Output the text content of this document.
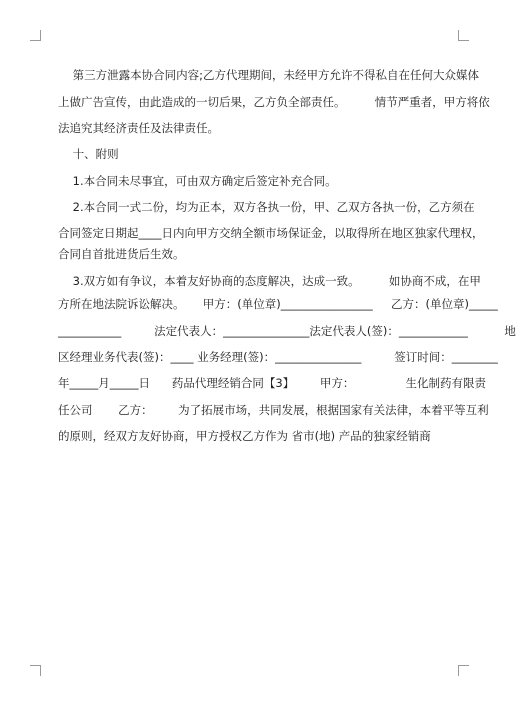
第三方泄露本协合同内容;乙方代理期间，未经甲方允许不得私自在任何大众媒体
上做广告宣传，由此造成的一切后果，乙方负全部责任。        情节严重者，甲方将依
法追究其经济责任及法律责任。
十、附则
1.本合同未尽事宜，可由双方确定后签定补充合同。
2.本合同一式二份，均为正本，双方各执一份，甲、乙双方各执一份，乙方须在
合同签定日期起____日内向甲方交纳全额市场保证金，以取得所在地区独家代理权，
合同自首批进货后生效。
3.双方如有争议，本着友好协商的态度解决，达成一致。        如协商不成，在甲
方所在地法院诉讼解决。     甲方：(单位章)________________     乙方：(单位章)_____
___________         法定代表人：_______________法定代表人(签)：____________          地
区经理业务代表(签)：____ 业务经理(签)：_______________         签订时间：________
年_____月_____日      药品代理经销合同【3】       甲方：              生化制药有限责
任公司       乙方：       为了拓展市场，共同发展，根据国家有关法律，本着平等互利
的原则，经双方友好协商，甲方授权乙方作为 省市(地) 产品的独家经销商
